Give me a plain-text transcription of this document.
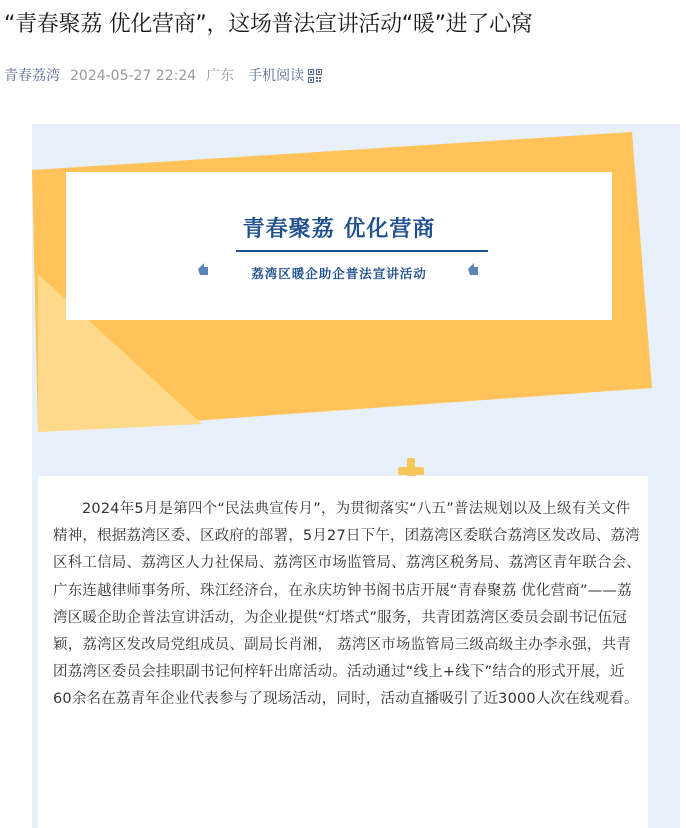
“青春聚荔 优化营商”，这场普法宣讲活动“暖”进了心窝
青春荔湾 2024-05-27 22:24 广东 手机阅读
青春聚荔 优化营商
荔湾区暖企助企普法宣讲活动

2024年5月是第四个“民法典宣传月”，为贯彻落实“八五”普法规划以及上级有关文件精神，根据荔湾区委、区政府的部署，5月27日下午，团荔湾区委联合荔湾区发改局、荔湾区科工信局、荔湾区人力社保局、荔湾区市场监管局、荔湾区税务局、荔湾区青年联合会、广东连越律师事务所、珠江经济台，在永庆坊钟书阁书店开展“青春聚荔 优化营商”——荔湾区暖企助企普法宣讲活动，为企业提供“灯塔式”服务，共青团荔湾区委员会副书记伍冠颖，荔湾区发改局党组成员、副局长肖湘， 荔湾区市场监管局三级高级主办李永强，共青团荔湾区委员会挂职副书记何梓轩出席活动。活动通过“线上+线下”结合的形式开展，近60余名在荔青年企业代表参与了现场活动，同时，活动直播吸引了近3000人次在线观看。
